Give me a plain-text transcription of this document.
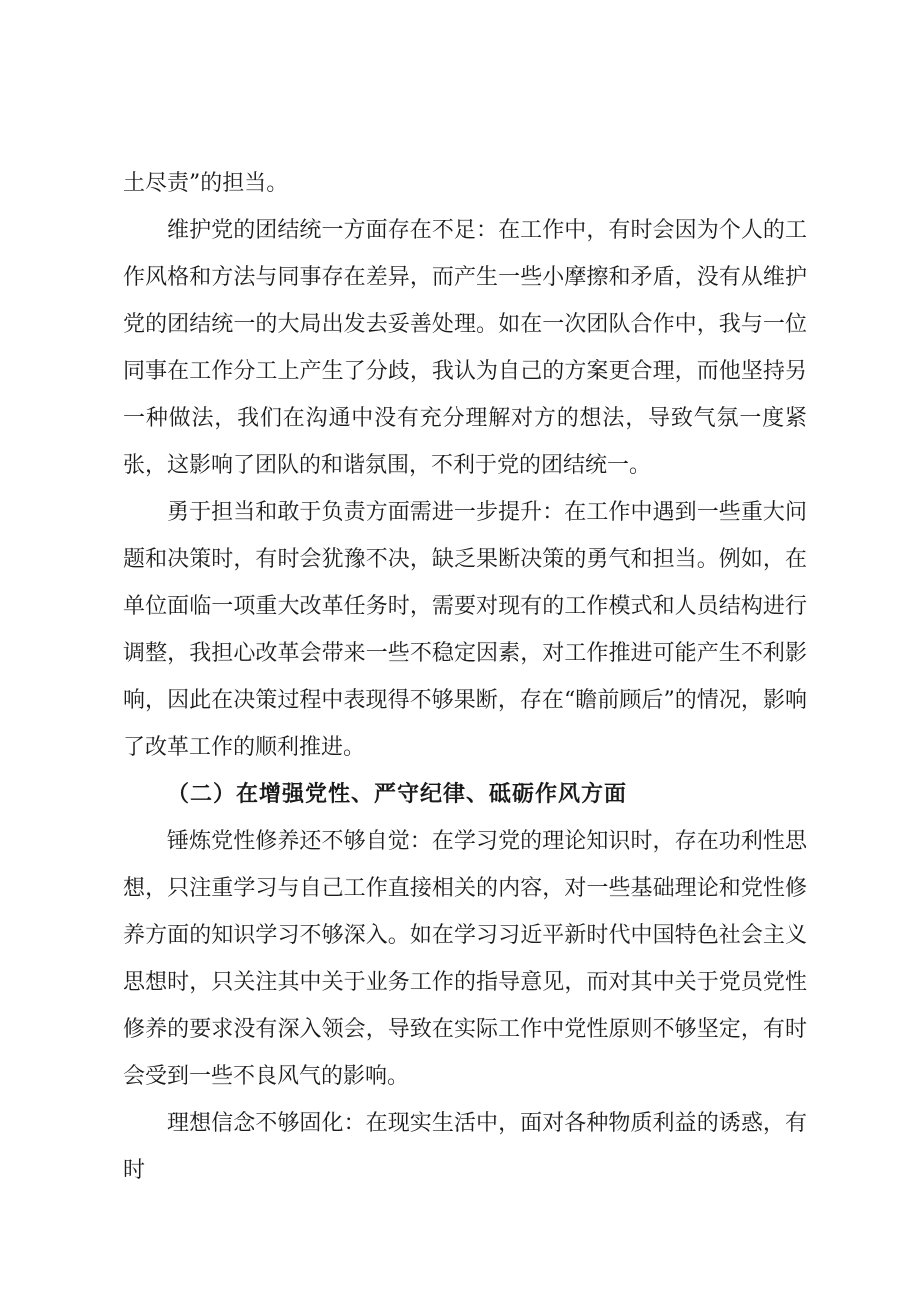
土尽责”的担当。

维护党的团结统一方面存在不足：在工作中，有时会因为个人的工作风格和方法与同事存在差异，而产生一些小摩擦和矛盾，没有从维护党的团结统一的大局出发去妥善处理。如在一次团队合作中，我与一位同事在工作分工上产生了分歧，我认为自己的方案更合理，而他坚持另一种做法，我们在沟通中没有充分理解对方的想法，导致气氛一度紧张，这影响了团队的和谐氛围，不利于党的团结统一。

勇于担当和敢于负责方面需进一步提升：在工作中遇到一些重大问题和决策时，有时会犹豫不决，缺乏果断决策的勇气和担当。例如，在单位面临一项重大改革任务时，需要对现有的工作模式和人员结构进行调整，我担心改革会带来一些不稳定因素，对工作推进可能产生不利影响，因此在决策过程中表现得不够果断，存在“瞻前顾后”的情况，影响了改革工作的顺利推进。

（二）在增强党性、严守纪律、砥砺作风方面

锤炼党性修养还不够自觉：在学习党的理论知识时，存在功利性思想，只注重学习与自己工作直接相关的内容，对一些基础理论和党性修养方面的知识学习不够深入。如在学习习近平新时代中国特色社会主义思想时，只关注其中关于业务工作的指导意见，而对其中关于党员党性修养的要求没有深入领会，导致在实际工作中党性原则不够坚定，有时会受到一些不良风气的影响。

理想信念不够固化：在现实生活中，面对各种物质利益的诱惑，有时
